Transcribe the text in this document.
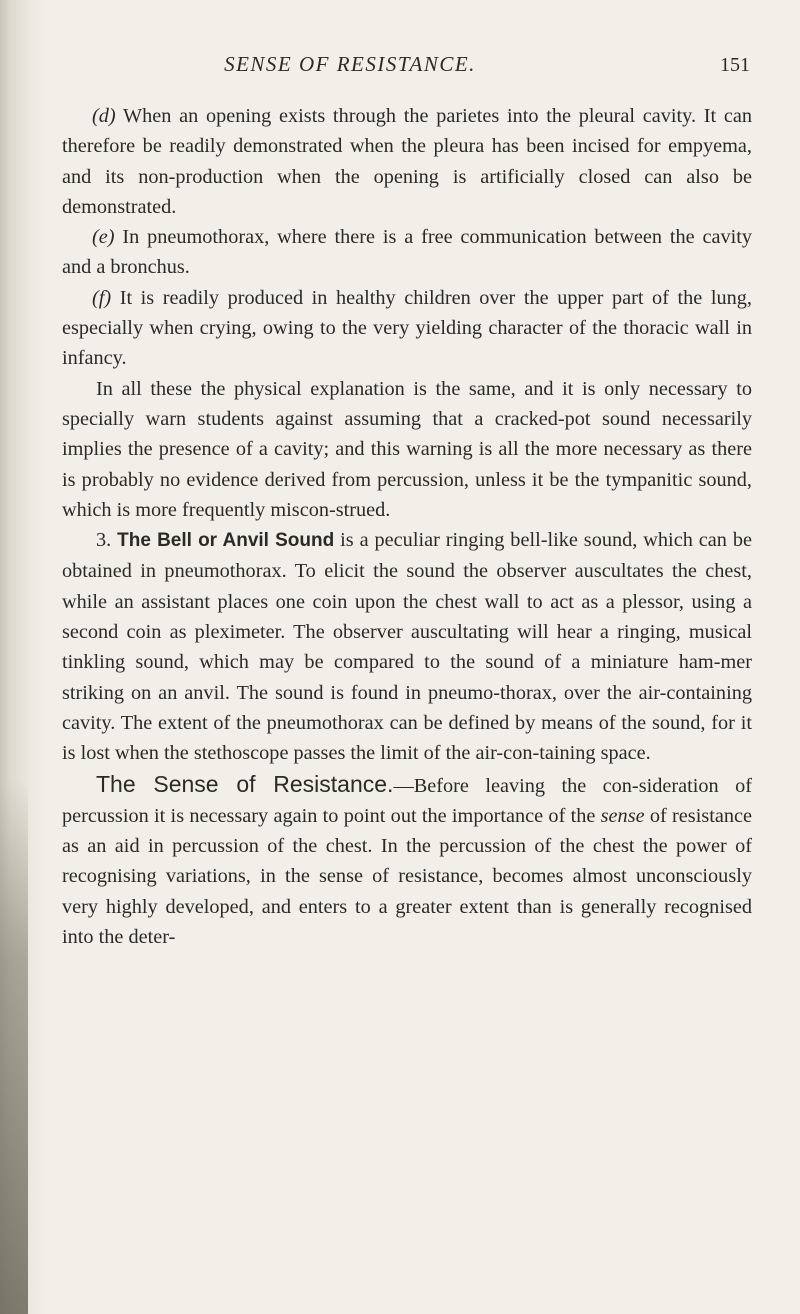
SENSE OF RESISTANCE.	151

(d) When an opening exists through the parietes into the pleural cavity. It can therefore be readily demonstrated when the pleura has been incised for empyema, and its non-production when the opening is artificially closed can also be demonstrated.

(e) In pneumothorax, where there is a free communication between the cavity and a bronchus.

(f) It is readily produced in healthy children over the upper part of the lung, especially when crying, owing to the very yielding character of the thoracic wall in infancy.

In all these the physical explanation is the same, and it is only necessary to specially warn students against assuming that a cracked-pot sound necessarily implies the presence of a cavity; and this warning is all the more necessary as there is probably no evidence derived from percussion, unless it be the tympanitic sound, which is more frequently miscon-strued.

3. The Bell or Anvil Sound is a peculiar ringing bell-like sound, which can be obtained in pneumothorax. To elicit the sound the observer auscultates the chest, while an assistant places one coin upon the chest wall to act as a plessor, using a second coin as pleximeter. The observer auscultating will hear a ringing, musical tinkling sound, which may be compared to the sound of a miniature ham-mer striking on an anvil. The sound is found in pneumo-thorax, over the air-containing cavity. The extent of the pneumothorax can be defined by means of the sound, for it is lost when the stethoscope passes the limit of the air-con-taining space.

The Sense of Resistance.—Before leaving the con-sideration of percussion it is necessary again to point out the importance of the sense of resistance as an aid in percussion of the chest. In the percussion of the chest the power of recognising variations, in the sense of resistance, becomes almost unconsciously very highly developed, and enters to a greater extent than is generally recognised into the deter-
